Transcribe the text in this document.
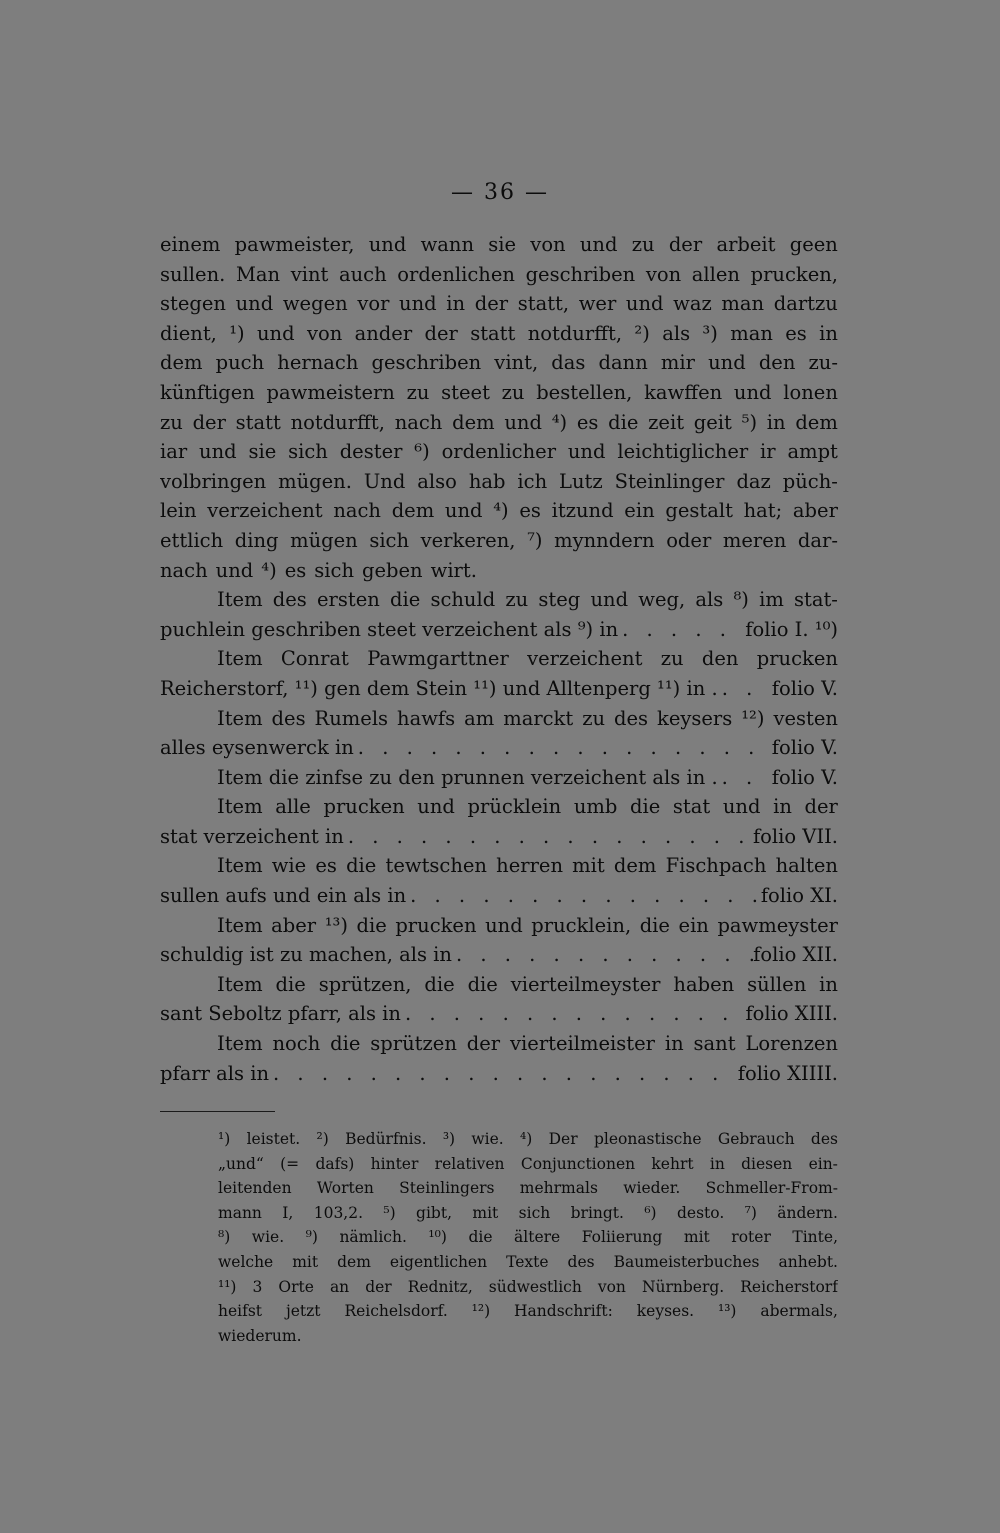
— 36 —
einem pawmeister, und wann sie von und zu der arbeit geen
sullen. Man vint auch ordenlichen geschriben von allen prucken,
stegen und wegen vor und in der statt, wer und waz man dartzu
dient, ¹) und von ander der statt notdurfft, ²) als ³) man es in
dem puch hernach geschriben vint, das dann mir und den zu-
künftigen pawmeistern zu steet zu bestellen, kawffen und lonen
zu der statt notdurfft, nach dem und ⁴) es die zeit geit ⁵) in dem
iar und sie sich dester ⁶) ordenlicher und leichtiglicher ir ampt
volbringen mügen. Und also hab ich Lutz Steinlinger daz püch-
lein verzeichent nach dem und ⁴) es itzund ein gestalt hat; aber
ettlich ding mügen sich verkeren, ⁷) mynndern oder meren dar-
nach und ⁴) es sich geben wirt.
Item des ersten die schuld zu steg und weg, als ⁸) im stat-
puchlein geschriben steet verzeichent als ⁹) in . . .	folio I. ¹⁰)
Item Conrat Pawmgarttner verzeichent zu den prucken
Reicherstorf, ¹¹) gen dem Stein ¹¹) und Alltenperg ¹¹) in . . . .	folio V.
Item des Rumels hawfs am marckt zu des keysers ¹²) vesten
alles eysenwerck in . . .	folio V.
Item die zinfse zu den prunnen verzeichent als in . . . .	folio V.
Item alle prucken und prücklein umb die stat und in der
stat verzeichent in . . .	folio VII.
Item wie es die tewtschen herren mit dem Fischpach halten
sullen aufs und ein als in . . .	folio XI.
Item aber ¹³) die prucken und prucklein, die ein pawmeyster
schuldig ist zu machen, als in . . .	folio XII.
Item die sprützen, die die vierteilmeyster haben süllen in
sant Seboltz pfarr, als in . . .	folio XIII.
Item noch die sprützen der vierteilmeister in sant Lorenzen
pfarr als in . . .	folio XIIII.
¹) leistet. ²) Bedürfnis. ³) wie. ⁴) Der pleonastische Gebrauch des
„und“ (= dafs) hinter relativen Conjunctionen kehrt in diesen ein-
leitenden Worten Steinlingers mehrmals wieder. Schmeller-From-
mann I, 103,2. ⁵) gibt, mit sich bringt. ⁶) desto. ⁷) ändern.
⁸) wie. ⁹) nämlich. ¹⁰) die ältere Foliierung mit roter Tinte,
welche mit dem eigentlichen Texte des Baumeisterbuches anhebt.
¹¹) 3 Orte an der Rednitz, südwestlich von Nürnberg. Reicherstorf
heifst jetzt Reichelsdorf. ¹²) Handschrift: keyses. ¹³) abermals,
wiederum.
